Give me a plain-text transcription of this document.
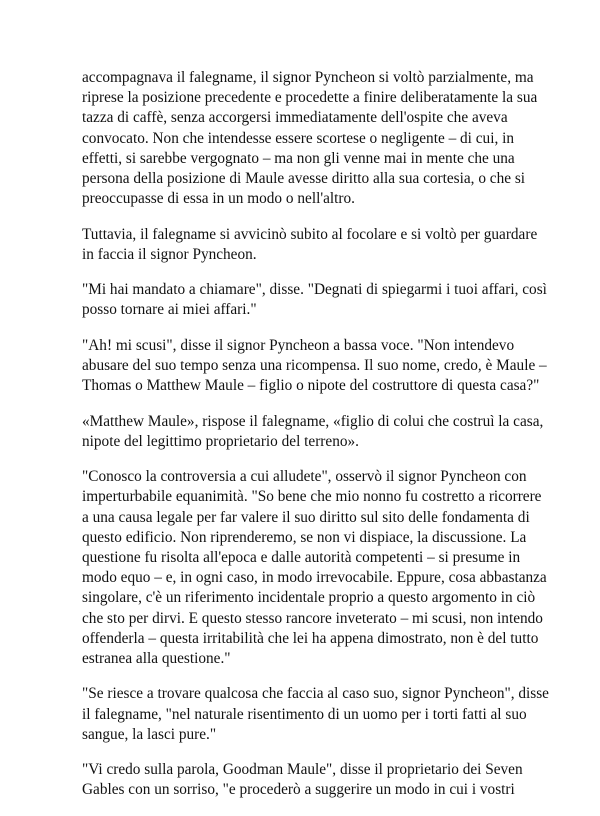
accompagnava il falegname, il signor Pyncheon si voltò parzialmente, ma
riprese la posizione precedente e procedette a finire deliberatamente la sua
tazza di caffè, senza accorgersi immediatamente dell'ospite che aveva
convocato. Non che intendesse essere scortese o negligente – di cui, in
effetti, si sarebbe vergognato – ma non gli venne mai in mente che una
persona della posizione di Maule avesse diritto alla sua cortesia, o che si
preoccupasse di essa in un modo o nell'altro.

Tuttavia, il falegname si avvicinò subito al focolare e si voltò per guardare
in faccia il signor Pyncheon.

"Mi hai mandato a chiamare", disse. "Degnati di spiegarmi i tuoi affari, così
posso tornare ai miei affari."

"Ah! mi scusi", disse il signor Pyncheon a bassa voce. "Non intendevo
abusare del suo tempo senza una ricompensa. Il suo nome, credo, è Maule –
Thomas o Matthew Maule – figlio o nipote del costruttore di questa casa?"

«Matthew Maule», rispose il falegname, «figlio di colui che costruì la casa,
nipote del legittimo proprietario del terreno».

"Conosco la controversia a cui alludete", osservò il signor Pyncheon con
imperturbabile equanimità. "So bene che mio nonno fu costretto a ricorrere
a una causa legale per far valere il suo diritto sul sito delle fondamenta di
questo edificio. Non riprenderemo, se non vi dispiace, la discussione. La
questione fu risolta all'epoca e dalle autorità competenti – si presume in
modo equo – e, in ogni caso, in modo irrevocabile. Eppure, cosa abbastanza
singolare, c'è un riferimento incidentale proprio a questo argomento in ciò
che sto per dirvi. E questo stesso rancore inveterato – mi scusi, non intendo
offenderla – questa irritabilità che lei ha appena dimostrato, non è del tutto
estranea alla questione."

"Se riesce a trovare qualcosa che faccia al caso suo, signor Pyncheon", disse
il falegname, "nel naturale risentimento di un uomo per i torti fatti al suo
sangue, la lasci pure."

"Vi credo sulla parola, Goodman Maule", disse il proprietario dei Seven
Gables con un sorriso, "e procederò a suggerire un modo in cui i vostri
